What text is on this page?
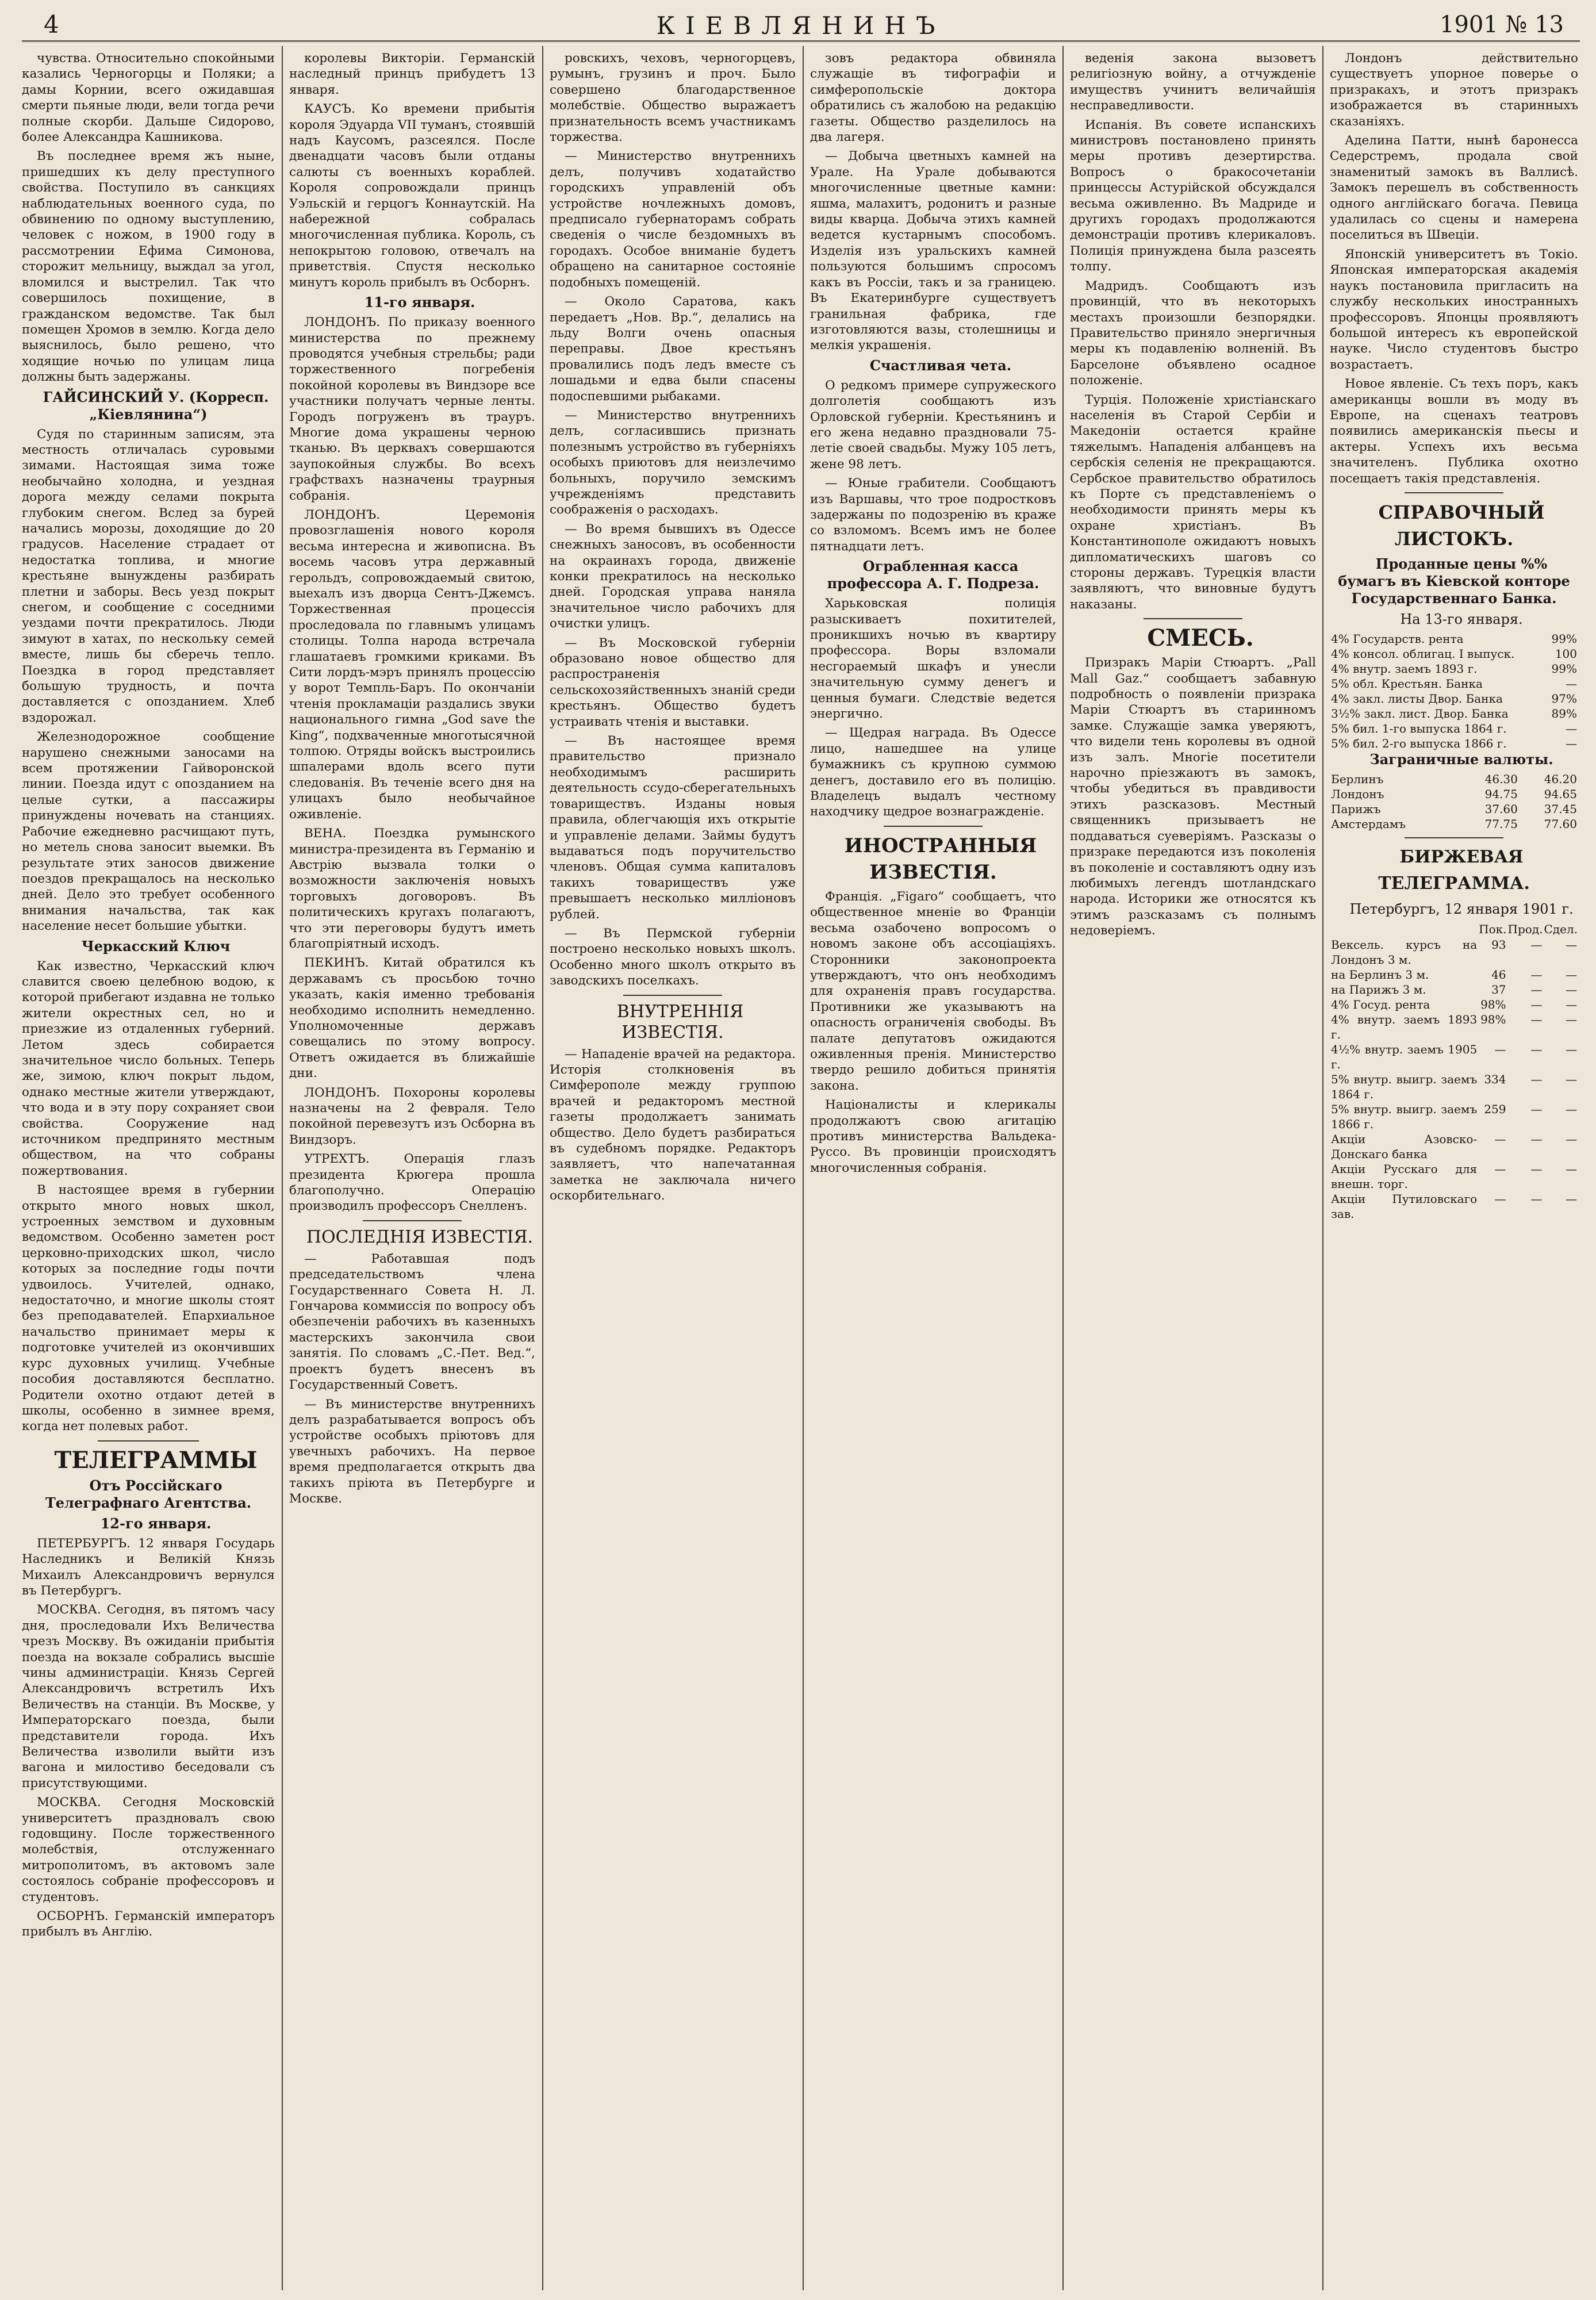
4	КІЕВЛЯНИНЪ	1901 № 13

чувства. Относительно спокойными казались Черногорцы и Поляки; а дамы Корнии, всего ожидавшая смерти пьяные люди, вели тогда речи полные скорби. Дальше Сидорово, более Александра Кашникова.

Въ последнее время жъ ныне, пришедших къ делу преступного свойства. Поступило въ санкциях наблюдательных военного суда, по обвинению по одному выступлению, человек с ножом, в 1900 году в рассмотрении Ефима Симонова, сторожит мельницу, выждал за угол, вломился и выстрелил. Так что совершилось похищение, в гражданском ведомстве. Так был помещен Хромов в землю. Когда дело выяснилось, было решено, что ходящие ночью по улицам лица должны быть задержаны.

ГАЙСИНСКИЙ У. (Корресп. „Кіевлянина“)

Судя по старинным записям, эта местность отличалась суровыми зимами. Настоящая зима тоже необычайно холодна, и уездная дорога между селами покрыта глубоким снегом. Вслед за бурей начались морозы, доходящие до 20 градусов. Население страдает от недостатка топлива, и многие крестьяне вынуждены разбирать плетни и заборы. Весь уезд покрыт снегом, и сообщение с соседними уездами почти прекратилось. Люди зимуют в хатах, по нескольку семей вместе, лишь бы сберечь тепло. Поездка в город представляет большую трудность, и почта доставляется с опозданием. Хлеб вздорожал.

Железнодорожное сообщение нарушено снежными заносами на всем протяжении Гайворонской линии. Поезда идут с опозданием на целые сутки, а пассажиры принуждены ночевать на станциях. Рабочие ежедневно расчищают путь, но метель снова заносит выемки. Въ результате этих заносов движение поездов прекращалось на несколько дней. Дело это требует особенного внимания начальства, так как население несет большие убытки.

Черкасский Ключ

Как известно, Черкасский ключ славится своею целебною водою, к которой прибегают издавна не только жители окрестных сел, но и приезжие из отдаленных губерний. Летом здесь собирается значительное число больных. Теперь же, зимою, ключ покрыт льдом, однако местные жители утверждают, что вода и в эту пору сохраняет свои свойства. Сооружение над источником предпринято местным обществом, на что собраны пожертвования.

В настоящее время в губернии открыто много новых школ, устроенных земством и духовным ведомством. Особенно заметен рост церковно-приходских школ, число которых за последние годы почти удвоилось. Учителей, однако, недостаточно, и многие школы стоят без преподавателей. Епархиальное начальство принимает меры к подготовке учителей из окончивших курс духовных училищ. Учебные пособия доставляются бесплатно. Родители охотно отдают детей в школы, особенно в зимнее время, когда нет полевых работ.

ТЕЛЕГРАММЫ

Отъ Россійскаго Телеграфнаго Агентства.

12-го января.

ПЕТЕРБУРГЪ. 12 января Государь Наследникъ и Великій Князь Михаилъ Александровичъ вернулся въ Петербургъ.

МОСКВА. Сегодня, въ пятомъ часу дня, проследовали Ихъ Величества чрезъ Москву. Въ ожиданіи прибытія поезда на вокзале собрались высшіе чины администраціи. Князь Сергей Александровичъ встретилъ Ихъ Величествъ на станціи. Въ Москве, у Императорскаго поезда, были представители города. Ихъ Величества изволили выйти изъ вагона и милостиво беседовали съ присутствующими.

МОСКВА. Сегодня Московскій университетъ праздновалъ свою годовщину. После торжественного молебствія, отслуженнаго митрополитомъ, въ актовомъ зале состоялось собраніе профессоровъ и студентовъ.

ОСБОРНЪ. Германскій императоръ прибылъ въ Англію.

королевы Викторіи. Германскій наследный принцъ прибудетъ 13 января.

КАУСЪ. Ко времени прибытія короля Эдуарда VII туманъ, стоявшій надъ Каусомъ, разсеялся. После двенадцати часовъ были отданы салюты съ военныхъ кораблей. Короля сопровождали принцъ Уэльскій и герцогъ Коннаутскій. На набережной собралась многочисленная публика. Король, съ непокрытою головою, отвечалъ на приветствія. Спустя несколько минутъ король прибылъ въ Осборнъ.

11-го января.

ЛОНДОНЪ. По приказу военного министерства по прежнему проводятся учебныя стрельбы; ради торжественного погребенія покойной королевы въ Виндзоре все участники получатъ черные ленты. Городъ погруженъ въ трауръ. Многие дома украшены черною тканью. Въ церквахъ совершаются заупокойныя службы. Во всехъ графствахъ назначены траурныя собранія.

ЛОНДОНЪ. Церемонія провозглашенія нового короля весьма интересна и живописна. Въ восемь часовъ утра державный герольдъ, сопровождаемый свитою, выехалъ изъ дворца Сентъ-Джемсъ. Торжественная процессія проследовала по главнымъ улицамъ столицы. Толпа народа встречала глашатаевъ громкими криками. Въ Сити лордъ-мэръ принялъ процессію у ворот Темпль-Баръ. По окончаніи чтенія прокламаціи раздались звуки национального гимна „God save the King“, подхваченные многотысячной толпою. Отряды войскъ выстроились шпалерами вдоль всего пути следованія. Въ теченіе всего дня на улицахъ было необычайное оживленіе.

ВЕНА. Поездка румынского министра-президента въ Германію и Австрію вызвала толки о возможности заключенія новыхъ торговыхъ договоровъ. Въ политическихъ кругахъ полагаютъ, что эти переговоры будутъ иметь благопріятный исходъ.

ПЕКИНЪ. Китай обратился къ державамъ съ просьбою точно указать, какія именно требованія необходимо исполнить немедленно. Уполномоченные державъ совещались по этому вопросу. Ответъ ожидается въ ближайшіе дни.

ЛОНДОНЪ. Похороны королевы назначены на 2 февраля. Тело покойной перевезутъ изъ Осборна въ Виндзоръ.

УТРЕХТЪ. Операція глазъ президента Крюгера прошла благополучно. Операцію производилъ профессоръ Снелленъ.

ПОСЛЕДНІЯ ИЗВЕСТІЯ.

— Работавшая подъ председательствомъ члена Государственнаго Совета Н. Л. Гончарова коммиссія по вопросу объ обезпеченіи рабочихъ въ казенныхъ мастерскихъ закончила свои занятія. По словамъ „С.-Пет. Вед.“, проектъ будетъ внесенъ въ Государственный Советъ.

— Въ министерстве внутреннихъ делъ разрабатывается вопросъ объ устройстве особыхъ пріютовъ для увечныхъ рабочихъ. На первое время предполагается открыть два такихъ пріюта въ Петербурге и Москве.

ровскихъ, чеховъ, черногорцевъ, румынъ, грузинъ и проч. Было совершено благодарственное молебствіе. Общество выражаетъ признательность всемъ участникамъ торжества.

— Министерство внутреннихъ делъ, получивъ ходатайство городскихъ управленій объ устройстве ночлежныхъ домовъ, предписало губернаторамъ собрать сведенія о числе бездомныхъ въ городахъ. Особое вниманіе будетъ обращено на санитарное состояніе подобныхъ помещеній.

— Около Саратова, какъ передаетъ „Нов. Вр.“, делались на льду Волги очень опасныя переправы. Двое крестьянъ провалились подъ ледъ вместе съ лошадьми и едва были спасены подоспевшими рыбаками.

— Министерство внутреннихъ делъ, согласившись признать полезнымъ устройство въ губерніяхъ особыхъ приютовъ для неизлечимо больныхъ, поручило земскимъ учрежденіямъ представить соображенія о расходахъ.

— Во время бывшихъ въ Одессе снежныхъ заносовъ, въ особенности на окраинахъ города, движеніе конки прекратилось на несколько дней. Городская управа наняла значительное число рабочихъ для очистки улицъ.

— Въ Московской губерніи образовано новое общество для распространенія сельскохозяйственныхъ знаній среди крестьянъ. Общество будетъ устраивать чтенія и выставки.

— Въ настоящее время правительство признало необходимымъ расширить деятельность ссудо-сберегательныхъ товариществъ. Изданы новыя правила, облегчающія ихъ открытіе и управленіе делами. Займы будутъ выдаваться подъ поручительство членовъ. Общая сумма капиталовъ такихъ товариществъ уже превышаетъ несколько милліоновъ рублей.

— Въ Пермской губерніи построено несколько новыхъ школъ. Особенно много школъ открыто въ заводскихъ поселкахъ.

ВНУТРЕННІЯ ИЗВЕСТІЯ.

— Нападеніе врачей на редактора. Исторія столкновенія въ Симферополе между группою врачей и редакторомъ местной газеты продолжаетъ занимать общество. Дело будетъ разбираться въ судебномъ порядке. Редакторъ заявляетъ, что напечатанная заметка не заключала ничего оскорбительнаго.

зовъ редактора обвиняла служащіе въ тифографіи и симферопольскіе доктора обратились съ жалобою на редакцію газеты. Общество разделилось на два лагеря.

— Добыча цветныхъ камней на Урале. На Урале добываются многочисленные цветные камни: яшма, малахитъ, родонитъ и разные виды кварца. Добыча этихъ камней ведется кустарнымъ способомъ. Изделія изъ уральскихъ камней пользуются большимъ спросомъ какъ въ Россіи, такъ и за границею. Въ Екатеринбурге существуетъ гранильная фабрика, где изготовляются вазы, столешницы и мелкія украшенія.

Счастливая чета.

О редкомъ примере супружеского долголетія сообщаютъ изъ Орловской губерніи. Крестьянинъ и его жена недавно праздновали 75-летіе своей свадьбы. Мужу 105 летъ, жене 98 летъ.

— Юные грабители. Сообщаютъ изъ Варшавы, что трое подростковъ задержаны по подозренію въ краже со взломомъ. Всемъ имъ не более пятнадцати летъ.

Ограбленная касса профессора А. Г. Подреза.

Харьковская полиція разыскиваетъ похитителей, проникшихъ ночью въ квартиру профессора. Воры взломали несгораемый шкафъ и унесли значительную сумму денегъ и ценныя бумаги. Следствіе ведется энергично.

— Щедрая награда. Въ Одессе лицо, нашедшее на улице бумажникъ съ крупною суммою денегъ, доставило его въ полицію. Владелецъ выдалъ честному находчику щедрое вознагражденіе.

ИНОСТРАННЫЯ ИЗВЕСТІЯ.

Франція. „Figaro“ сообщаетъ, что общественное мненіе во Франціи весьма озабочено вопросомъ о новомъ законе объ ассоціаціяхъ. Сторонники законопроекта утверждаютъ, что онъ необходимъ для охраненія правъ государства. Противники же указываютъ на опасность ограниченія свободы. Въ палате депутатовъ ожидаются оживленныя пренія. Министерство твердо решило добиться принятія закона.

Націоналисты и клерикалы продолжаютъ свою агитацію противъ министерства Вальдека-Руссо. Въ провинціи происходятъ многочисленныя собранія.

веденія закона вызоветъ религіозную войну, а отчужденіе имуществъ учинитъ величайшія несправедливости.

Испанія. Въ совете испанскихъ министровъ постановлено принять меры противъ дезертирства. Вопросъ о бракосочетаніи принцессы Астурійской обсуждался весьма оживленно. Въ Мадриде и другихъ городахъ продолжаются демонстраціи противъ клерикаловъ. Полиція принуждена была разсеять толпу.

Мадридъ. Сообщаютъ изъ провинцій, что въ некоторыхъ местахъ произошли безпорядки. Правительство приняло энергичныя меры къ подавленію волненій. Въ Барселоне объявлено осадное положеніе.

Турція. Положеніе христіанскаго населенія въ Старой Сербіи и Македоніи остается крайне тяжелымъ. Нападенія албанцевъ на сербскія селенія не прекращаются. Сербское правительство обратилось къ Порте съ представленіемъ о необходимости принять меры къ охране христіанъ. Въ Константинополе ожидаютъ новыхъ дипломатическихъ шаговъ со стороны державъ. Турецкія власти заявляютъ, что виновные будутъ наказаны.

СМЕСЬ.

Призракъ Маріи Стюартъ. „Pall Mall Gaz.“ сообщаетъ забавную подробность о появленіи призрака Маріи Стюартъ въ старинномъ замке. Служащіе замка уверяютъ, что видели тень королевы въ одной изъ залъ. Многіе посетители нарочно пріезжаютъ въ замокъ, чтобы убедиться въ правдивости этихъ разсказовъ. Местный священникъ призываетъ не поддаваться суеверіямъ. Разсказы о призраке передаются изъ поколенія въ поколеніе и составляютъ одну изъ любимыхъ легендъ шотландскаго народа. Историки же относятся къ этимъ разсказамъ съ полнымъ недоверіемъ.

Лондонъ действительно существуетъ упорное поверье о призракахъ, и этотъ призракъ изображается въ старинныхъ сказаніяхъ.

Аделина Патти, нынѣ баронесса Седерстремъ, продала свой знаменитый замокъ въ Валлисѣ. Замокъ перешелъ въ собственность одного англійскаго богача. Певица удалилась со сцены и намерена поселиться въ Швеціи.

Японскій университетъ въ Токіо. Японская императорская академія наукъ постановила пригласить на службу нескольких иностранныхъ профессоровъ. Японцы проявляютъ большой интересъ къ европейской науке. Число студентовъ быстро возрастаетъ.

Новое явленіе. Съ техъ поръ, какъ американцы вошли въ моду въ Европе, на сценахъ театровъ появились американскія пьесы и актеры. Успехъ ихъ весьма значителенъ. Публика охотно посещаетъ такія представленія.

СПРАВОЧНЫЙ ЛИСТОКЪ.

Проданные цены %% бумагъ въ Кіевской конторе Государственнаго Банка.

На 13-го января.

4% Государств. рента	99%
4% консол. облигац. I выпуск.	100
4% внутр. заемъ 1893 г.	99%
5% обл. Крестьян. Банка	—
4% закл. листы Двор. Банка	97%
3½% закл. лист. Двор. Банка	89%
5% бил. 1-го выпуска 1864 г.	—
5% бил. 2-го выпуска 1866 г.	—

Заграничные валюты.

Берлинъ	46.30	46.20
Лондонъ	94.75	94.65
Парижъ	37.60	37.45
Амстердамъ	77.75	77.60

БИРЖЕВАЯ ТЕЛЕГРАММА.

Петербургъ, 12 января 1901 г.

	Пок.	Прод.	Сдел.
Вексель. курсъ на Лондонъ 3 м.	93	—	—
на Берлинъ 3 м.	46	—	—
на Парижъ 3 м.	37	—	—
4% Госуд. рента	98%	—	—
4% внутр. заемъ 1893 г.	98%	—	—
4½% внутр. заемъ 1905 г.	—	—	—
5% внутр. выигр. заемъ 1864 г.	334	—	—
5% внутр. выигр. заемъ 1866 г.	259	—	—
Акціи Азовско-Донскаго банка	—	—	—
Акціи Русскаго для внешн. торг.	—	—	—
Акціи Путиловскаго зав.	—	—	—
